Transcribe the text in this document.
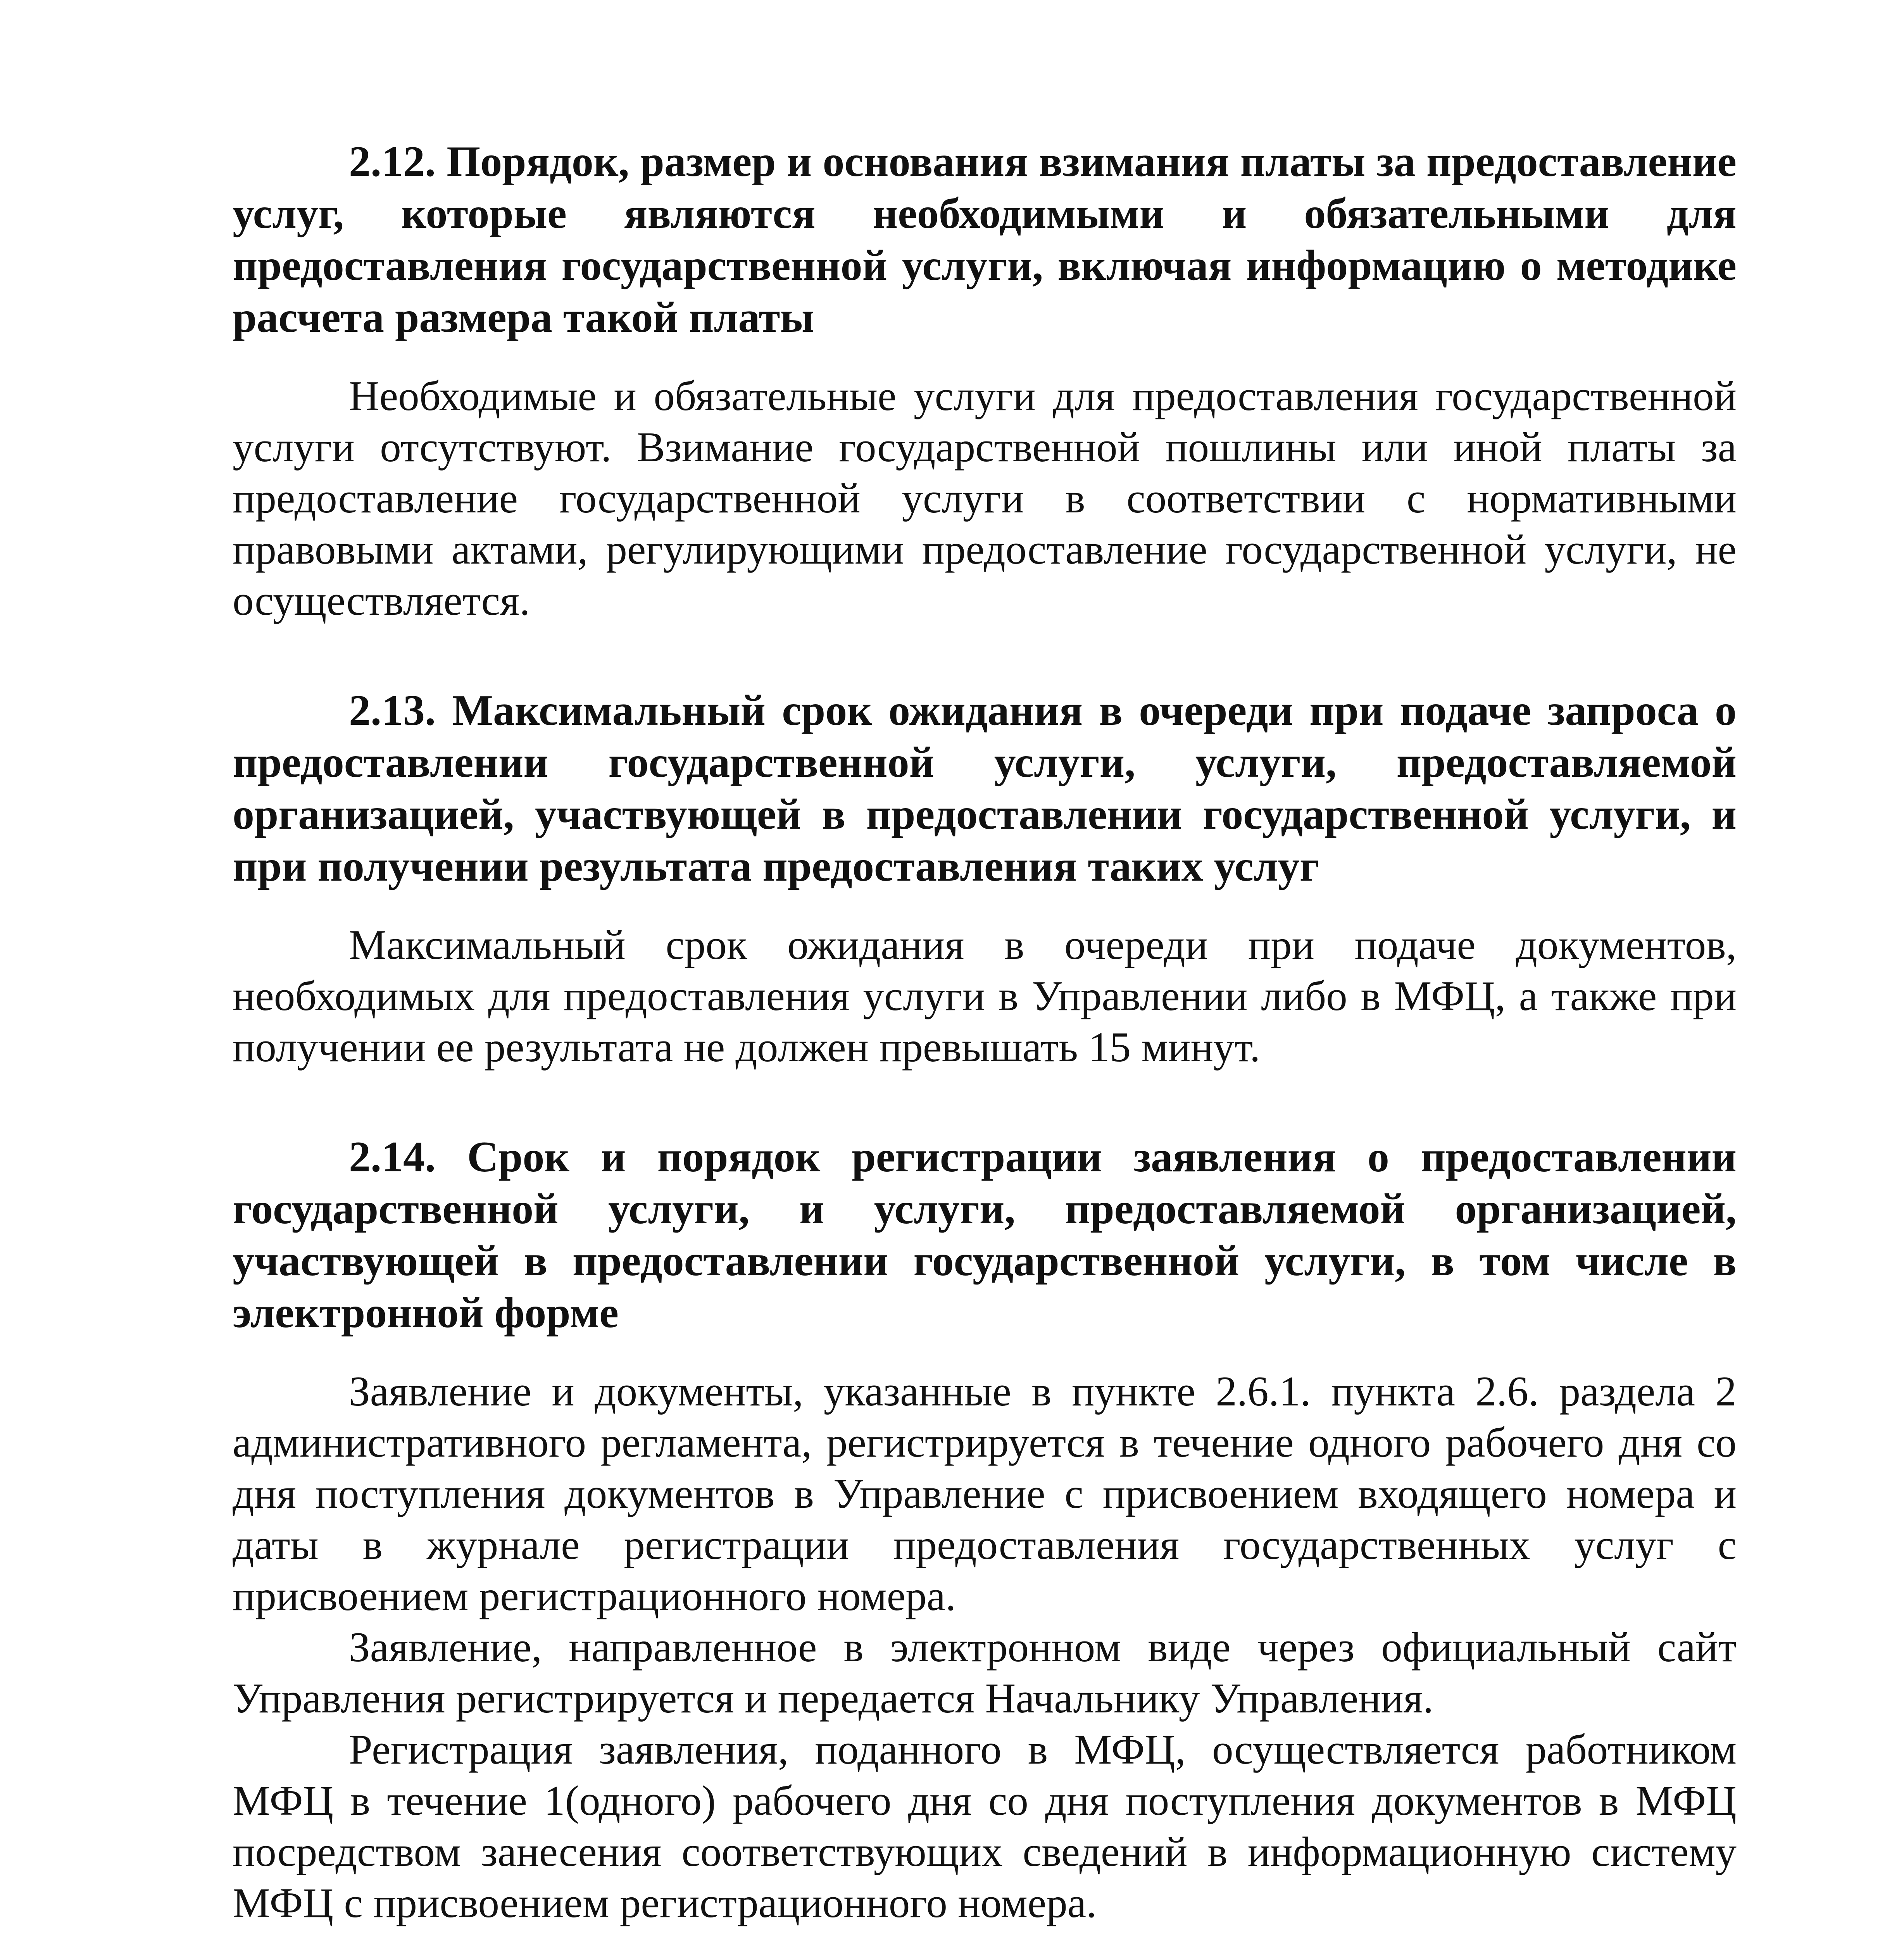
2.12. Порядок, размер и основания взимания платы за предоставление услуг, которые являются необходимыми и обязательными для предоставления государственной услуги, включая информацию о методике расчета размера такой платы

Необходимые и обязательные услуги для предоставления государственной услуги отсутствуют. Взимание государственной пошлины или иной платы за предоставление государственной услуги в соответствии с нормативными правовыми актами, регулирующими предоставление государственной услуги, не осуществляется.

2.13. Максимальный срок ожидания в очереди при подаче запроса о предоставлении государственной услуги, услуги, предоставляемой организацией, участвующей в предоставлении государственной услуги, и при получении результата предоставления таких услуг

Максимальный срок ожидания в очереди при подаче документов, необходимых для предоставления услуги в Управлении либо в МФЦ, а также при получении ее результата не должен превышать 15 минут.

2.14. Срок и порядок регистрации заявления о предоставлении государственной услуги, и услуги, предоставляемой организацией, участвующей в предоставлении государственной услуги, в том числе в электронной форме

Заявление и документы, указанные в пункте 2.6.1. пункта 2.6. раздела 2 административного регламента, регистрируется в течение одного рабочего дня со дня поступления документов в Управление с присвоением входящего номера и даты в журнале регистрации предоставления государственных услуг с присвоением регистрационного номера.

Заявление, направленное в электронном виде через официальный сайт Управления регистрируется и передается Начальнику Управления.

Регистрация заявления, поданного в МФЦ, осуществляется работником МФЦ в течение 1(одного) рабочего дня со дня поступления документов в МФЦ посредством занесения соответствующих сведений в информационную систему МФЦ с присвоением регистрационного номера.
